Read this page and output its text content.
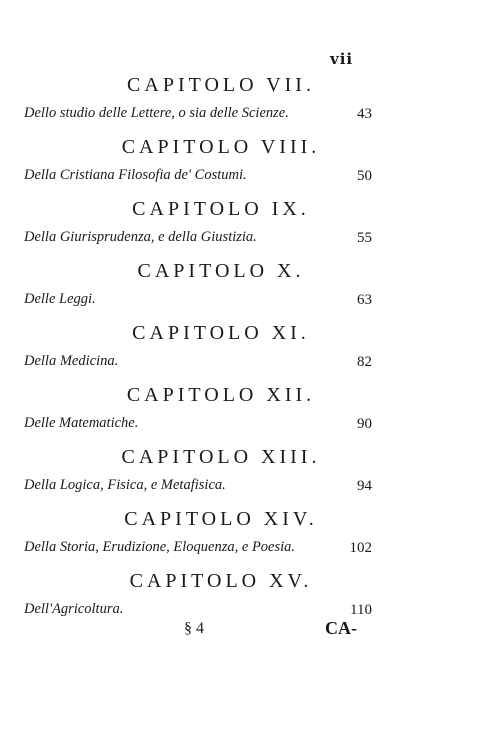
vii
CAPITOLO VII.
Dello studio delle Lettere, o sia delle Scienze.	43
CAPITOLO VIII.
Della Cristiana Filosofia de' Costumi.	50
CAPITOLO IX.
Della Giurisprudenza, e della Giustizia.	55
CAPITOLO X.
Delle Leggi.	63
CAPITOLO XI.
Della Medicina.	82
CAPITOLO XII.
Delle Matematiche.	90
CAPITOLO XIII.
Della Logica, Fisica, e Metafisica.	94
CAPITOLO XIV.
Della Storia, Erudizione, Eloquenza, e Poesia.	102
CAPITOLO XV.
Dell'Agricoltura.	110
§ 4	CA-
